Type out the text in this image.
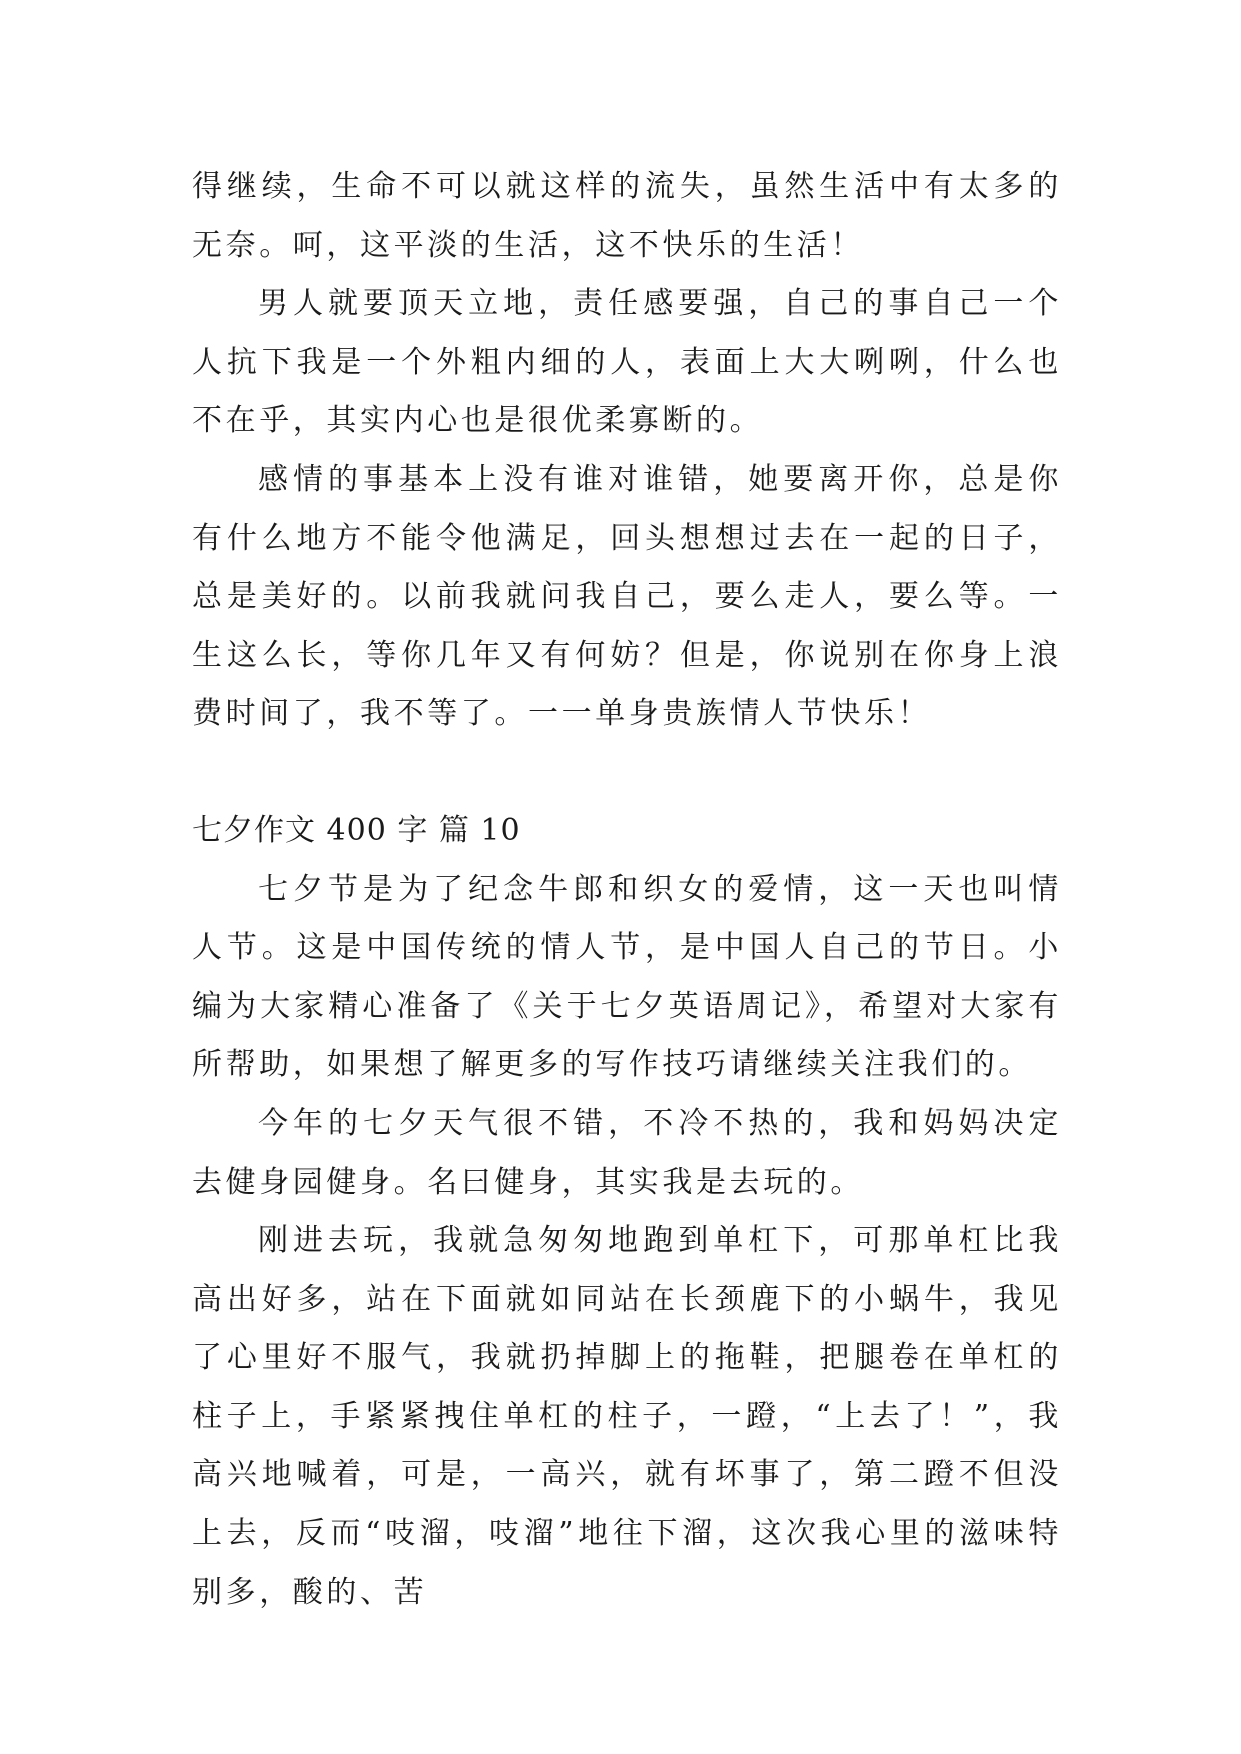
得继续，生命不可以就这样的流失，虽然生活中有太多的无奈。呵，这平淡的生活，这不快乐的生活！

男人就要顶天立地，责任感要强，自己的事自己一个人抗下我是一个外粗内细的人，表面上大大咧咧，什么也不在乎，其实内心也是很优柔寡断的。

感情的事基本上没有谁对谁错，她要离开你，总是你有什么地方不能令他满足，回头想想过去在一起的日子，总是美好的。以前我就问我自己，要么走人，要么等。一生这么长，等你几年又有何妨？但是，你说别在你身上浪费时间了，我不等了。一一单身贵族情人节快乐！

七夕作文 400 字 篇 10

七夕节是为了纪念牛郎和织女的爱情，这一天也叫情人节。这是中国传统的情人节，是中国人自己的节日。小编为大家精心准备了《关于七夕英语周记》，希望对大家有所帮助，如果想了解更多的写作技巧请继续关注我们的。

今年的七夕天气很不错，不冷不热的，我和妈妈决定去健身园健身。名曰健身，其实我是去玩的。

刚进去玩，我就急匆匆地跑到单杠下，可那单杠比我高出好多，站在下面就如同站在长颈鹿下的小蜗牛，我见了心里好不服气，我就扔掉脚上的拖鞋，把腿卷在单杠的柱子上，手紧紧拽住单杠的柱子，一蹬，“上去了！”，我高兴地喊着，可是，一高兴，就有坏事了，第二蹬不但没上去，反而“吱溜，吱溜”地往下溜，这次我心里的滋味特别多，酸的、苦
